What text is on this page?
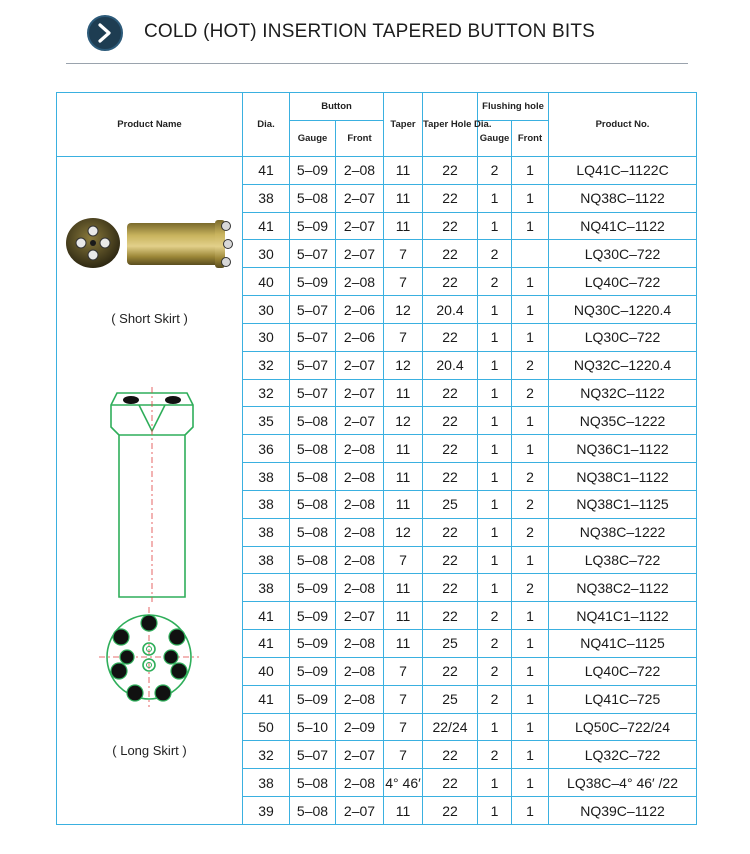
COLD (HOT) INSERTION TAPERED BUTTON BITS
Product Name	Dia.	Button		Taper	Taper Hole Dia.	Flushing hole		Product No.
		Gauge	Front			Gauge	Front	

( Short Skirt )
( Long Skirt )	41	5–09	2–08	11	22	2	1	LQ41C–1122C
	38	5–08	2–07	11	22	1	1	NQ38C–1122
	41	5–09	2–07	11	22	1	1	NQ41C–1122
	30	5–07	2–07	7	22	2		LQ30C–722
	40	5–09	2–08	7	22	2	1	LQ40C–722
	30	5–07	2–06	12	20.4	1	1	NQ30C–1220.4
	30	5–07	2–06	7	22	1	1	LQ30C–722
	32	5–07	2–07	12	20.4	1	2	NQ32C–1220.4
	32	5–07	2–07	11	22	1	2	NQ32C–1122
	35	5–08	2–07	12	22	1	1	NQ35C–1222
	36	5–08	2–08	11	22	1	1	NQ36C1–1122
	38	5–08	2–08	11	22	1	2	NQ38C1–1122
	38	5–08	2–08	11	25	1	2	NQ38C1–1125
	38	5–08	2–08	12	22	1	2	NQ38C–1222
	38	5–08	2–08	7	22	1	1	LQ38C–722
	38	5–09	2–08	11	22	1	2	NQ38C2–1122
	41	5–09	2–07	11	22	2	1	NQ41C1–1122
	41	5–09	2–08	11	25	2	1	NQ41C–1125
	40	5–09	2–08	7	22	2	1	LQ40C–722
	41	5–09	2–08	7	25	2	1	LQ41C–725
	50	5–10	2–09	7	22/24	1	1	LQ50C–722/24
	32	5–07	2–07	7	22	2	1	LQ32C–722
	38	5–08	2–08	4° 46′	22	1	1	LQ38C–4° 46′ /22
	39	5–08	2–07	11	22	1	1	NQ39C–1122
